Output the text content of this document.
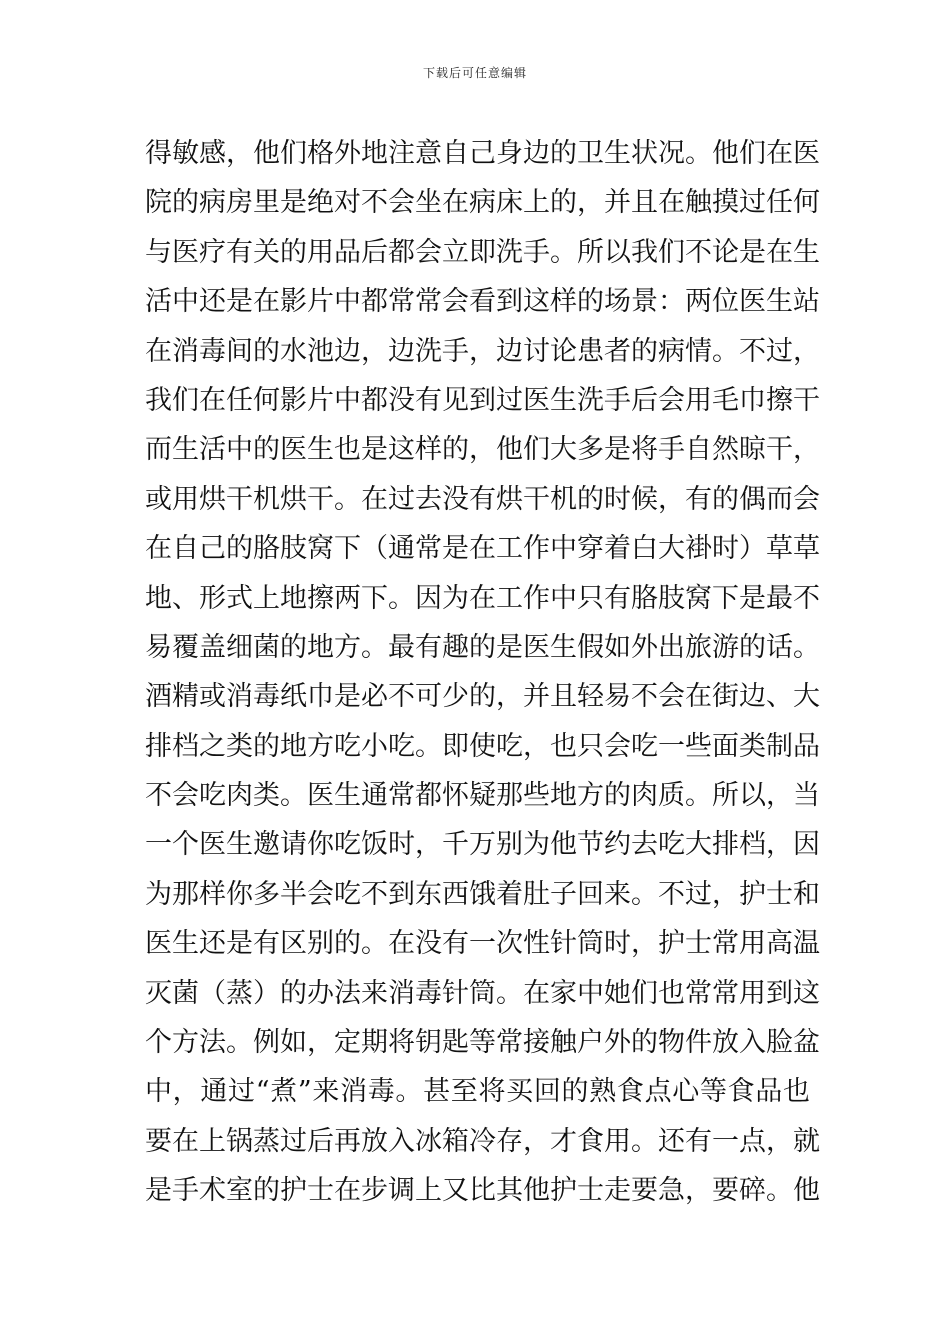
下载后可任意编辑
得敏感，他们格外地注意自己身边的卫生状况。他们在医
院的病房里是绝对不会坐在病床上的，并且在触摸过任何
与医疗有关的用品后都会立即洗手。所以我们不论是在生
活中还是在影片中都常常会看到这样的场景：两位医生站
在消毒间的水池边，边洗手，边讨论患者的病情。不过，
我们在任何影片中都没有见到过医生洗手后会用毛巾擦干
而生活中的医生也是这样的，他们大多是将手自然晾干，
或用烘干机烘干。在过去没有烘干机的时候，有的偶而会
在自己的胳肢窝下（通常是在工作中穿着白大褂时）草草
地、形式上地擦两下。因为在工作中只有胳肢窝下是最不
易覆盖细菌的地方。最有趣的是医生假如外出旅游的话。
酒精或消毒纸巾是必不可少的，并且轻易不会在街边、大
排档之类的地方吃小吃。即使吃，也只会吃一些面类制品
不会吃肉类。医生通常都怀疑那些地方的肉质。所以，当
一个医生邀请你吃饭时，千万别为他节约去吃大排档，因
为那样你多半会吃不到东西饿着肚子回来。不过，护士和
医生还是有区别的。在没有一次性针筒时，护士常用高温
灭菌（蒸）的办法来消毒针筒。在家中她们也常常用到这
个方法。例如，定期将钥匙等常接触户外的物件放入脸盆
中，通过“煮”来消毒。甚至将买回的熟食点心等食品也
要在上锅蒸过后再放入冰箱冷存，才食用。还有一点，就
是手术室的护士在步调上又比其他护士走要急，要碎。他
